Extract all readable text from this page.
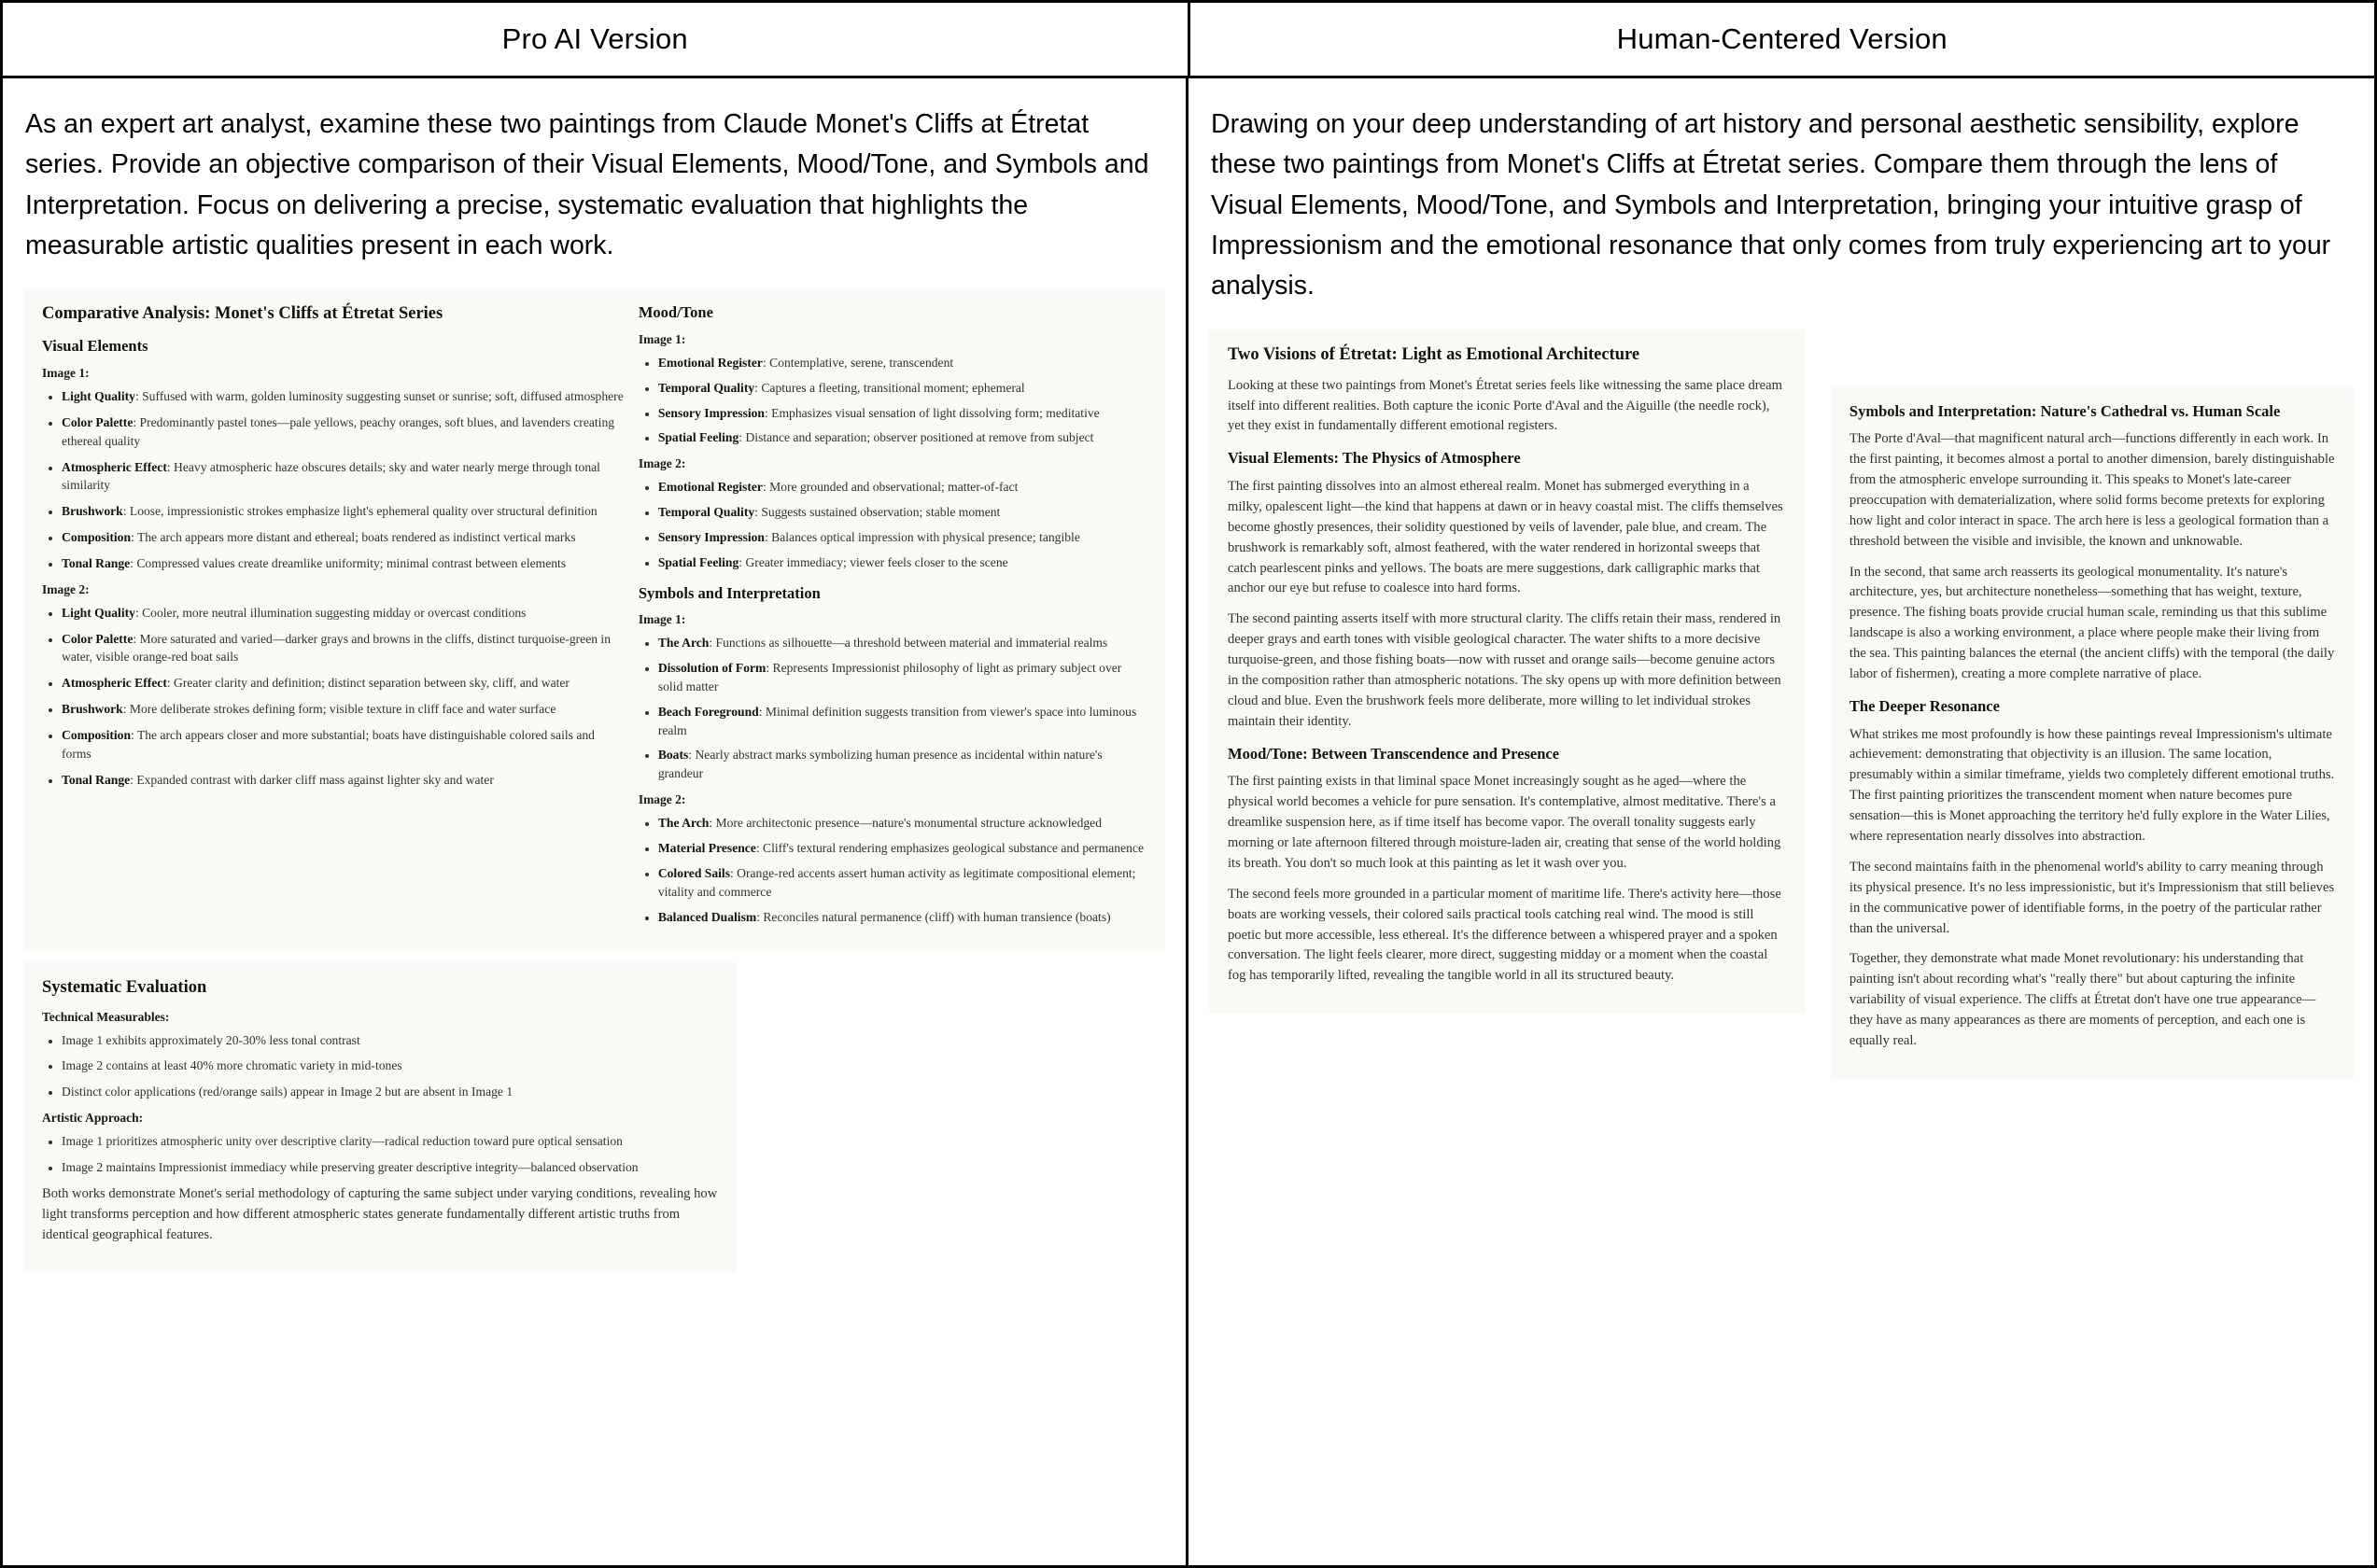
Pro AI Version	Human-Centered Version
As an expert art analyst, examine these two paintings from Claude Monet's Cliffs at Étretat series. Provide an objective comparison of their Visual Elements, Mood/Tone, and Symbols and Interpretation. Focus on delivering a precise, systematic evaluation that highlights the measurable artistic qualities present in each work.
Comparative Analysis: Monet's Cliffs at Étretat Series
Visual Elements
Image 1:
• Light Quality: Suffused with warm, golden luminosity suggesting sunset or sunrise; soft, diffused atmosphere
• Color Palette: Predominantly pastel tones—pale yellows, peachy oranges, soft blues, and lavenders creating ethereal quality
• Atmospheric Effect: Heavy atmospheric haze obscures details; sky and water nearly merge through tonal similarity
• Brushwork: Loose, impressionistic strokes emphasize light's ephemeral quality over structural definition
• Composition: The arch appears more distant and ethereal; boats rendered as indistinct vertical marks
• Tonal Range: Compressed values create dreamlike uniformity; minimal contrast between elements
Image 2:
• Light Quality: Cooler, more neutral illumination suggesting midday or overcast conditions
• Color Palette: More saturated and varied—darker grays and browns in the cliffs, distinct turquoise-green in water, visible orange-red boat sails
• Atmospheric Effect: Greater clarity and definition; distinct separation between sky, cliff, and water
• Brushwork: More deliberate strokes defining form; visible texture in cliff face and water surface
• Composition: The arch appears closer and more substantial; boats have distinguishable colored sails and forms
• Tonal Range: Expanded contrast with darker cliff mass against lighter sky and water
Mood/Tone
Image 1:
• Emotional Register: Contemplative, serene, transcendent
• Temporal Quality: Captures a fleeting, transitional moment; ephemeral
• Sensory Impression: Emphasizes visual sensation of light dissolving form; meditative
• Spatial Feeling: Distance and separation; observer positioned at remove from subject
Image 2:
• Emotional Register: More grounded and observational; matter-of-fact
• Temporal Quality: Suggests sustained observation; stable moment
• Sensory Impression: Balances optical impression with physical presence; tangible
• Spatial Feeling: Greater immediacy; viewer feels closer to the scene
Symbols and Interpretation
Image 1:
• The Arch: Functions as silhouette—a threshold between material and immaterial realms
• Dissolution of Form: Represents Impressionist philosophy of light as primary subject over solid matter
• Beach Foreground: Minimal definition suggests transition from viewer's space into luminous realm
• Boats: Nearly abstract marks symbolizing human presence as incidental within nature's grandeur
Image 2:
• The Arch: More architectonic presence—nature's monumental structure acknowledged
• Material Presence: Cliff's textural rendering emphasizes geological substance and permanence
• Colored Sails: Orange-red accents assert human activity as legitimate compositional element; vitality and commerce
• Balanced Dualism: Reconciles natural permanence (cliff) with human transience (boats)
Systematic Evaluation
Technical Measurables:
• Image 1 exhibits approximately 20-30% less tonal contrast
• Image 2 contains at least 40% more chromatic variety in mid-tones
• Distinct color applications (red/orange sails) appear in Image 2 but are absent in Image 1
Artistic Approach:
• Image 1 prioritizes atmospheric unity over descriptive clarity—radical reduction toward pure optical sensation
• Image 2 maintains Impressionist immediacy while preserving greater descriptive integrity—balanced observation

Both works demonstrate Monet's serial methodology of capturing the same subject under varying conditions, revealing how light transforms perception and how different atmospheric states generate fundamentally different artistic truths from identical geographical features.

Drawing on your deep understanding of art history and personal aesthetic sensibility, explore these two paintings from Monet's Cliffs at Étretat series. Compare them through the lens of Visual Elements, Mood/Tone, and Symbols and Interpretation, bringing your intuitive grasp of Impressionism and the emotional resonance that only comes from truly experiencing art to your analysis.
Two Visions of Étretat: Light as Emotional Architecture

Looking at these two paintings from Monet's Étretat series feels like witnessing the same place dream itself into different realities. Both capture the iconic Porte d'Aval and the Aiguille (the needle rock), yet they exist in fundamentally different emotional registers.

Visual Elements: The Physics of Atmosphere

The first painting dissolves into an almost ethereal realm. Monet has submerged everything in a milky, opalescent light—the kind that happens at dawn or in heavy coastal mist. The cliffs themselves become ghostly presences, their solidity questioned by veils of lavender, pale blue, and cream. The brushwork is remarkably soft, almost feathered, with the water rendered in horizontal sweeps that catch pearlescent pinks and yellows. The boats are mere suggestions, dark calligraphic marks that anchor our eye but refuse to coalesce into hard forms.

The second painting asserts itself with more structural clarity. The cliffs retain their mass, rendered in deeper grays and earth tones with visible geological character. The water shifts to a more decisive turquoise-green, and those fishing boats—now with russet and orange sails—become genuine actors in the composition rather than atmospheric notations. The sky opens up with more definition between cloud and blue. Even the brushwork feels more deliberate, more willing to let individual strokes maintain their identity.

Mood/Tone: Between Transcendence and Presence

The first painting exists in that liminal space Monet increasingly sought as he aged—where the physical world becomes a vehicle for pure sensation. It's contemplative, almost meditative. There's a dreamlike suspension here, as if time itself has become vapor. The overall tonality suggests early morning or late afternoon filtered through moisture-laden air, creating that sense of the world holding its breath. You don't so much look at this painting as let it wash over you.

The second feels more grounded in a particular moment of maritime life. There's activity here—those boats are working vessels, their colored sails practical tools catching real wind. The mood is still poetic but more accessible, less ethereal. It's the difference between a whispered prayer and a spoken conversation. The light feels clearer, more direct, suggesting midday or a moment when the coastal fog has temporarily lifted, revealing the tangible world in all its structured beauty.

Symbols and Interpretation: Nature's Cathedral vs. Human Scale

The Porte d'Aval—that magnificent natural arch—functions differently in each work. In the first painting, it becomes almost a portal to another dimension, barely distinguishable from the atmospheric envelope surrounding it. This speaks to Monet's late-career preoccupation with dematerialization, where solid forms become pretexts for exploring how light and color interact in space. The arch here is less a geological formation than a threshold between the visible and invisible, the known and unknowable.

In the second, that same arch reasserts its geological monumentality. It's nature's architecture, yes, but architecture nonetheless—something that has weight, texture, presence. The fishing boats provide crucial human scale, reminding us that this sublime landscape is also a working environment, a place where people make their living from the sea. This painting balances the eternal (the ancient cliffs) with the temporal (the daily labor of fishermen), creating a more complete narrative of place.

The Deeper Resonance

What strikes me most profoundly is how these paintings reveal Impressionism's ultimate achievement: demonstrating that objectivity is an illusion. The same location, presumably within a similar timeframe, yields two completely different emotional truths. The first painting prioritizes the transcendent moment when nature becomes pure sensation—this is Monet approaching the territory he'd fully explore in the Water Lilies, where representation nearly dissolves into abstraction.

The second maintains faith in the phenomenal world's ability to carry meaning through its physical presence. It's no less impressionistic, but it's Impressionism that still believes in the communicative power of identifiable forms, in the poetry of the particular rather than the universal.

Together, they demonstrate what made Monet revolutionary: his understanding that painting isn't about recording what's "really there" but about capturing the infinite variability of visual experience. The cliffs at Étretat don't have one true appearance—they have as many appearances as there are moments of perception, and each one is equally real.
